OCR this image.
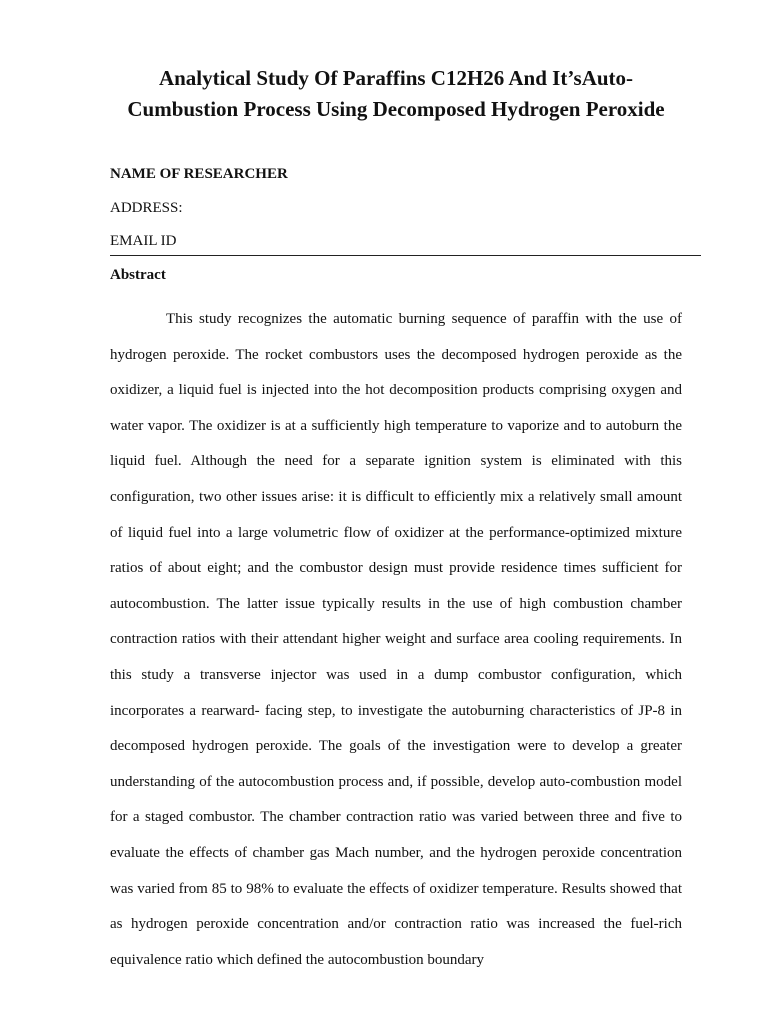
Analytical Study Of Paraffins C12H26 And It’sAuto-Cumbustion Process Using Decomposed Hydrogen Peroxide

NAME OF RESEARCHER

ADDRESS:

EMAIL ID

Abstract

This study recognizes the automatic burning sequence of paraffin with the use of hydrogen peroxide. The rocket combustors uses the decomposed hydrogen peroxide as the oxidizer, a liquid fuel is injected into the hot decomposition products comprising oxygen and water vapor. The oxidizer is at a sufficiently high temperature to vaporize and to autoburn the liquid fuel. Although the need for a separate ignition system is eliminated with this configuration, two other issues arise: it is difficult to efficiently mix a relatively small amount of liquid fuel into a large volumetric flow of oxidizer at the performance-optimized mixture ratios of about eight; and the combustor design must provide residence times sufficient for autocombustion. The latter issue typically results in the use of high combustion chamber contraction ratios with their attendant higher weight and surface area cooling requirements. In this study a transverse injector was used in a dump combustor configuration, which incorporates a rearward- facing step, to investigate the autoburning characteristics of JP-8 in decomposed hydrogen peroxide. The goals of the investigation were to develop a greater understanding of the autocombustion process and, if possible, develop auto-combustion model for a staged combustor. The chamber contraction ratio was varied between three and five to evaluate the effects of chamber gas Mach number, and the hydrogen peroxide concentration was varied from 85 to 98% to evaluate the effects of oxidizer temperature. Results showed that as hydrogen peroxide concentration and/or contraction ratio was increased the fuel-rich equivalence ratio which defined the autocombustion boundary
